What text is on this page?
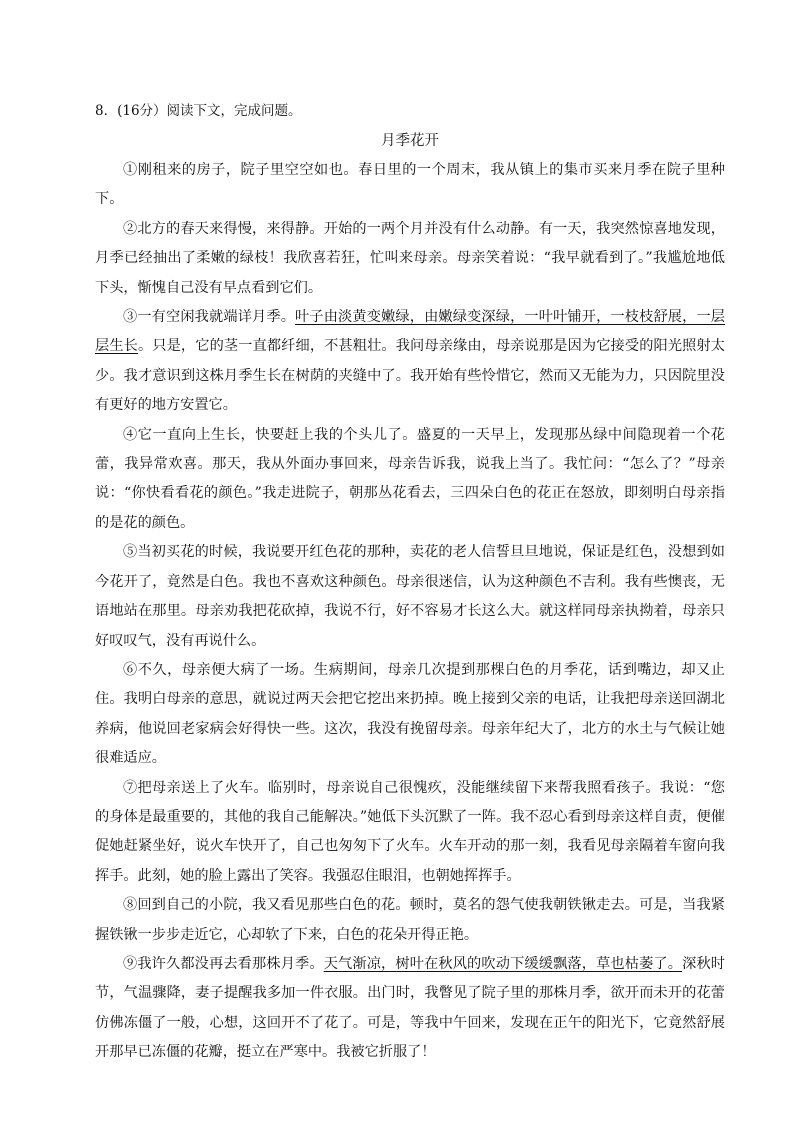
8．(16分）阅读下文，完成问题。
月季花开

①刚租来的房子，院子里空空如也。春日里的一个周末，我从镇上的集市买来月季在院子里种下。

②北方的春天来得慢，来得静。开始的一两个月并没有什么动静。有一天，我突然惊喜地发现，月季已经抽出了柔嫩的绿枝！我欣喜若狂，忙叫来母亲。母亲笑着说：“我早就看到了。”我尴尬地低下头，惭愧自己没有早点看到它们。

③一有空闲我就端详月季。叶子由淡黄变嫩绿，由嫩绿变深绿，一叶叶铺开，一枝枝舒展，一层层生长。只是，它的茎一直都纤细，不甚粗壮。我问母亲缘由，母亲说那是因为它接受的阳光照射太少。我才意识到这株月季生长在树荫的夹缝中了。我开始有些怜惜它，然而又无能为力，只因院里没有更好的地方安置它。

④它一直向上生长，快要赶上我的个头儿了。盛夏的一天早上，发现那丛绿中间隐现着一个花蕾，我异常欢喜。那天，我从外面办事回来，母亲告诉我，说我上当了。我忙问：“怎么了？”母亲说：“你快看看花的颜色。”我走进院子，朝那丛花看去，三四朵白色的花正在怒放，即刻明白母亲指的是花的颜色。

⑤当初买花的时候，我说要开红色花的那种，卖花的老人信誓旦旦地说，保证是红色，没想到如今花开了，竟然是白色。我也不喜欢这种颜色。母亲很迷信，认为这种颜色不吉利。我有些懊丧，无语地站在那里。母亲劝我把花砍掉，我说不行，好不容易才长这么大。就这样同母亲执拗着，母亲只好叹叹气，没有再说什么。

⑥不久，母亲便大病了一场。生病期间，母亲几次提到那棵白色的月季花，话到嘴边，却又止住。我明白母亲的意思，就说过两天会把它挖出来扔掉。晚上接到父亲的电话，让我把母亲送回湖北养病，他说回老家病会好得快一些。这次，我没有挽留母亲。母亲年纪大了，北方的水土与气候让她很难适应。

⑦把母亲送上了火车。临别时，母亲说自己很愧疚，没能继续留下来帮我照看孩子。我说：“您的身体是最重要的，其他的我自己能解决。”她低下头沉默了一阵。我不忍心看到母亲这样自责，便催促她赶紧坐好，说火车快开了，自己也匆匆下了火车。火车开动的那一刻，我看见母亲隔着车窗向我挥手。此刻，她的脸上露出了笑容。我强忍住眼泪，也朝她挥挥手。

⑧回到自己的小院，我又看见那些白色的花。顿时，莫名的怨气使我朝铁锹走去。可是，当我紧握铁锹一步步走近它，心却软了下来，白色的花朵开得正艳。

⑨我许久都没再去看那株月季。天气渐凉，树叶在秋风的吹动下缓缓飘落，草也枯萎了。深秋时节，气温骤降，妻子提醒我多加一件衣服。出门时，我瞥见了院子里的那株月季，欲开而未开的花蕾仿佛冻僵了一般，心想，这回开不了花了。可是，等我中午回来，发现在正午的阳光下，它竟然舒展开那早已冻僵的花瓣，挺立在严寒中。我被它折服了！
